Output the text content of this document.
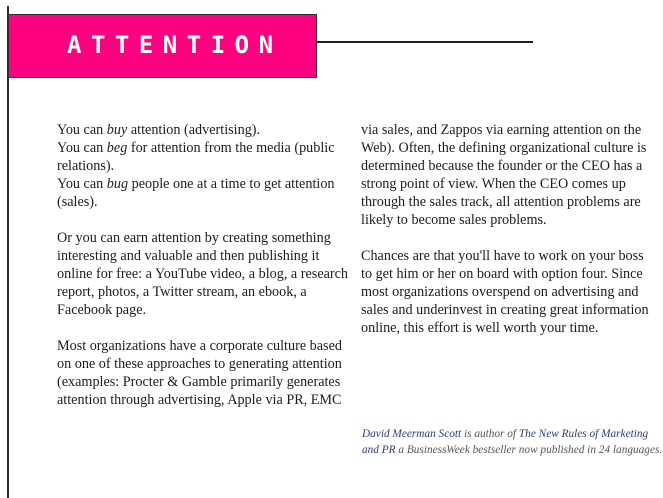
ATTENTION

You can buy attention (advertising).
You can beg for attention from the media (public
relations).
You can bug people one at a time to get attention
(sales).

Or you can earn attention by creating something
interesting and valuable and then publishing it
online for free: a YouTube video, a blog, a research
report, photos, a Twitter stream, an ebook, a
Facebook page.

Most organizations have a corporate culture based
on one of these approaches to generating attention
(examples: Procter & Gamble primarily generates
attention through advertising, Apple via PR, EMC

via sales, and Zappos via earning attention on the
Web). Often, the defining organizational culture is
determined because the founder or the CEO has a
strong point of view. When the CEO comes up
through the sales track, all attention problems are
likely to become sales problems.

Chances are that you'll have to work on your boss
to get him or her on board with option four. Since
most organizations overspend on advertising and
sales and underinvest in creating great information
online, this effort is well worth your time.

David Meerman Scott is author of The New Rules of Marketing
and PR a BusinessWeek bestseller now published in 24 languages.
